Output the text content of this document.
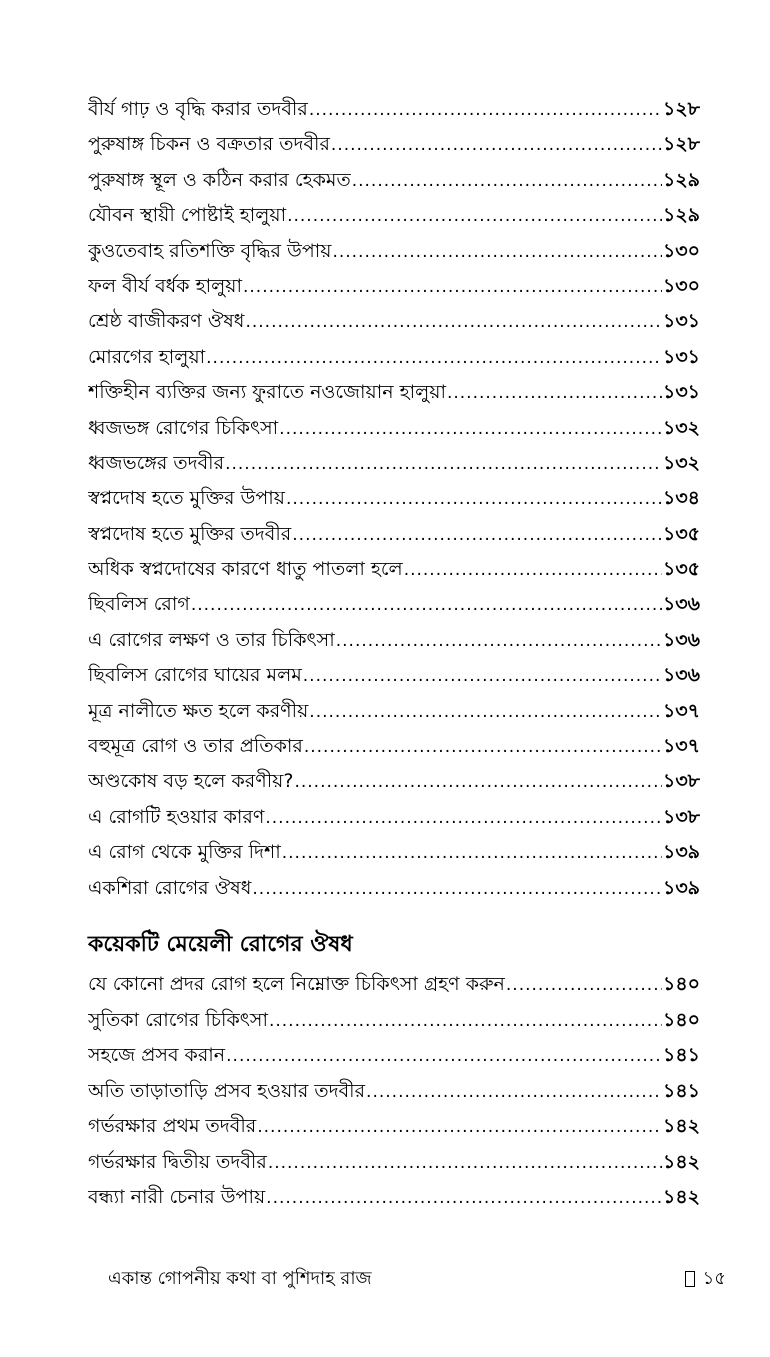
বীর্য গাঢ় ও বৃদ্ধি করার তদবীর .....	১২৮
পুরুষাঙ্গ চিকন ও বক্রতার তদবীর .....	১২৮
পুরুষাঙ্গ স্থূল ও কঠিন করার হেকমত .....	১২৯
যৌবন স্থায়ী পোষ্টাই হালুয়া .....	১২৯
কুওতেবাহ রতিশক্তি বৃদ্ধির উপায় .....	১৩০
ফল বীর্য বর্ধক হালুয়া .....	১৩০
শ্রেষ্ঠ বাজীকরণ ঔষধ .....	১৩১
মোরগের হালুয়া .....	১৩১
শক্তিহীন ব্যক্তির জন্য ফুরাতে নওজোয়ান হালুয়া .....	১৩১
ধ্বজভঙ্গ রোগের চিকিৎসা .....	১৩২
ধ্বজভঙ্গের তদবীর .....	১৩২
স্বপ্নদোষ হতে মুক্তির উপায় .....	১৩৪
স্বপ্নদোষ হতে মুক্তির তদবীর .....	১৩৫
অধিক স্বপ্নদোষের কারণে ধাতু পাতলা হলে .....	১৩৫
ছিবলিস রোগ .....	১৩৬
এ রোগের লক্ষণ ও তার চিকিৎসা .....	১৩৬
ছিবলিস রোগের ঘায়ের মলম .....	১৩৬
মূত্র নালীতে ক্ষত হলে করণীয় .....	১৩৭
বহুমূত্র রোগ ও তার প্রতিকার .....	১৩৭
অণ্ডকোষ বড় হলে করণীয়? .....	১৩৮
এ রোগটি হওয়ার কারণ .....	১৩৮
এ রোগ থেকে মুক্তির দিশা .....	১৩৯
একশিরা রোগের ঔষধ .....	১৩৯
কয়েকটি মেয়েলী রোগের ঔষধ
যে কোনো প্রদর রোগ হলে নিম্নোক্ত চিকিৎসা গ্রহণ করুন .....	১৪০
সুতিকা রোগের চিকিৎসা .....	১৪০
সহজে প্রসব করান .....	১৪১
অতি তাড়াতাড়ি প্রসব হওয়ার তদবীর .....	১৪১
গর্ভরক্ষার প্রথম তদবীর .....	১৪২
গর্ভরক্ষার দ্বিতীয় তদবীর .....	১৪২
বন্ধ্যা নারী চেনার উপায় .....	১৪২
একান্ত গোপনীয় কথা বা পুশিদাহ রাজ	১৫
